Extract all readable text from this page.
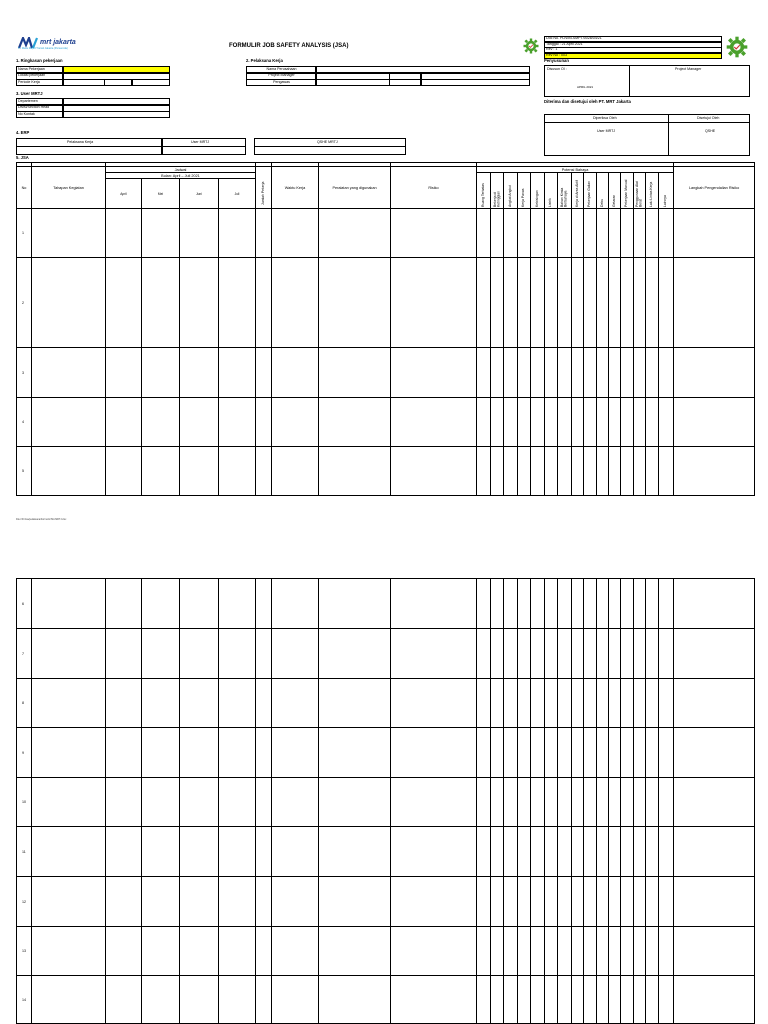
mrt jakarta
Pt. Mass Rapid Transit Jakarta (Perseroda)	FORMULIR JOB SAFETY ANALYSIS (JSA)
Doc No. PLN/IN-SMPT/0028/04/21
Tanggal : 21 April 2021
Rev : 1
Rev No : 003
1. Ringkasan pekerjaan
Nama Pekerjaan
Lokasi pekerjaan
Periode Kerja
2. Pelaksana Kerja
Nama Perusahaan
Project Manager
Pengawas
3. User MRTJ
Departemen
Divisi/Section Head
No Kontak
Penyusunan
Disusun Ol :	Project Manager
APRIL 2021
Diterima dan disetujui oleh PT. MRT Jakarta
Diperiksa Oleh	Disetujui Oleh
User MRTJ	QSHE
4. ERP
Pelaksana Kerja	User MRTJ	QSHE MRTJ
5. JSA

No	Tahapan Kegiatan	Jadwal				Jumlah Pekerja	Waktu Kerja	Peralatan yang digunakan	Risiko	Potensi Bahaya															Langkah Pengendalian Risiko
		Bulan: April – Juli 2021								Ruang Terbatas	Bekerja di Ketinggian	Angkat Angkut	Kerja Panas	Kebisingan	Listrik	Bahan Kimia Berbahaya	Kerja di Area Aktif	Pekerjaan Galian	Debu	Getaran	Pekerjaan Manual	Penggunaan Alat Berat	Lalu Lintas Kerja	Lainnya	

		April	Mei	Juni	Juli																				
1																									
2																									
3																									
4																									
5																									
File://D:/Jsa/pelaksana/Formulir/JSA MRTJ.xlsx
6																									
7																									
8																									
9																									
10																									
11																									
12																									
13																									
14																									
